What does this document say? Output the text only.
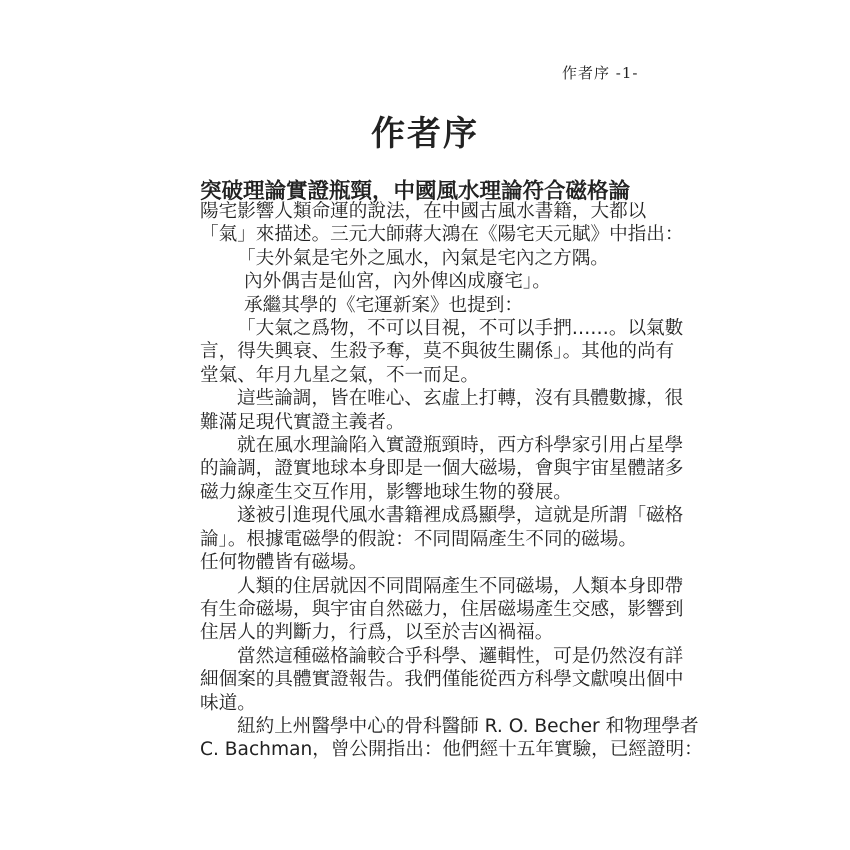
作者序 -1-
作者序
突破理論實證瓶頸，中國風水理論符合磁格論
陽宅影響人類命運的說法，在中國古風水書籍，大都以
「氣」來描述。三元大師蔣大鴻在《陽宅天元賦》中指出：
「夫外氣是宅外之風水，內氣是宅內之方隅。
內外偶吉是仙宮，內外俾凶成廢宅」。
承繼其學的《宅運新案》也提到：
「大氣之爲物，不可以目視，不可以手捫……。以氣數
言，得失興衰、生殺予奪，莫不與彼生關係」。其他的尚有
堂氣、年月九星之氣，不一而足。
這些論調，皆在唯心、玄虛上打轉，沒有具體數據，很
難滿足現代實證主義者。
就在風水理論陷入實證瓶頸時，西方科學家引用占星學
的論調，證實地球本身即是一個大磁場，會與宇宙星體諸多
磁力線產生交互作用，影響地球生物的發展。
遂被引進現代風水書籍裡成爲顯學，這就是所謂「磁格
論」。根據電磁學的假說：不同間隔產生不同的磁場。
任何物體皆有磁場。
人類的住居就因不同間隔產生不同磁場，人類本身即帶
有生命磁場，與宇宙自然磁力，住居磁場產生交感，影響到
住居人的判斷力，行爲，以至於吉凶禍福。
當然這種磁格論較合乎科學、邏輯性，可是仍然沒有詳
細個案的具體實證報告。我們僅能從西方科學文獻嗅出個中
味道。
紐約上州醫學中心的骨科醫師 R. O. Becher 和物理學者
C. Bachman，曾公開指出：他們經十五年實驗，已經證明：
